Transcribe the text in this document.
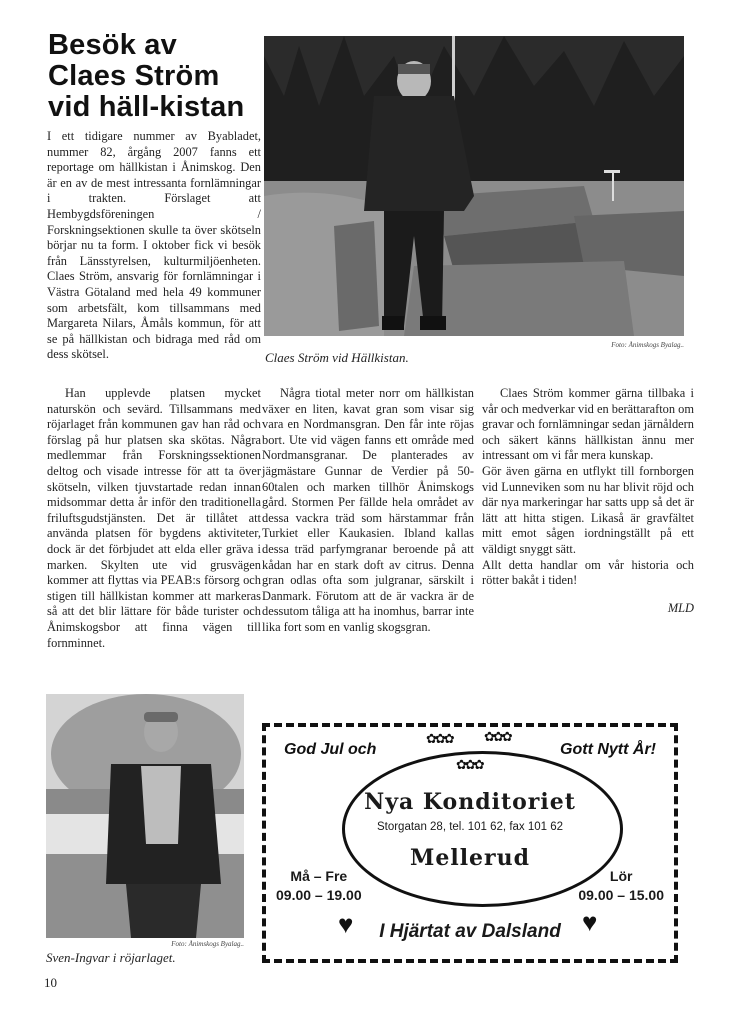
Besök av Claes Ström vid häll-kistan

I ett tidigare nummer av Byabladet, nummer 82, årgång 2007 fanns ett reportage om hällkistan i Ånimskog. Den är en av de mest intressanta fornlämningar i trakten. Förslaget att Hembygdsföreningen / Forskningsektionen skulle ta över skötseln börjar nu ta form. I oktober fick vi besök från Länsstyrelsen, kulturmiljöenheten. Claes Ström, ansvarig för fornlämningar i Västra Götaland med hela 49 kommuner som arbetsfält, kom tillsammans med Margareta Nilars, Åmåls kommun, för att se på hällkistan och bidraga med råd om dess skötsel.

Foto: Ånimskogs Byalag..
Claes Ström vid Hällkistan.

Han upplevde platsen mycket naturskön och sevärd. Tillsammans med röjarlaget från kommunen gav han råd och förslag på hur platsen ska skötas. Några medlemmar från Forskningssektionen deltog och visade intresse för att ta över skötseln, vilken tjuvstartade redan innan midsommar detta år inför den traditionella friluftsgudstjänsten. Det är tillåtet att använda platsen för bygdens aktiviteter, dock är det förbjudet att elda eller gräva i marken. Skylten ute vid grusvägen kommer att flyttas via PEAB:s försorg och stigen till hällkistan kommer att markeras så att det blir lättare för både turister och Ånimskogsbor att finna vägen till fornminnet.

Några tiotal meter norr om hällkistan växer en liten, kavat gran som visar sig vara en Nordmansgran. Den får inte röjas bort. Ute vid vägen fanns ett område med Nordmansgranar. De planterades av jägmästare Gunnar de Verdier på 50- 60talen och marken tillhör Ånimskogs gård. Stormen Per fällde hela området av dessa vackra träd som härstammar från Turkiet eller Kaukasien. Ibland kallas dessa träd parfymgranar beroende på att kådan har en stark doft av citrus. Denna gran odlas ofta som julgranar, särskilt i Danmark. Förutom att de är vackra är de dessutom tåliga att ha inomhus, barrar inte lika fort som en vanlig skogsgran.

Claes Ström kommer gärna tillbaka i vår och medverkar vid en berättarafton om gravar och fornlämningar sedan järnåldern och säkert känns hällkistan ännu mer intressant om vi får mera kunskap.

Gör även gärna en utflykt till fornborgen vid Lunneviken som nu har blivit röjd och där nya markeringar har satts upp så det är lätt att hitta stigen. Likaså är gravfältet mitt emot sågen iordningställt på ett väldigt snyggt sätt.

Allt detta handlar om vår historia och rötter bakåt i tiden!

MLD

Foto: Ånimskogs Byalag..
Sven-Ingvar i röjarlaget.
God Jul och	Gott Nytt År!
✿✿✿ ✿✿✿
✿✿✿
Nya Konditoriet
Storgatan 28, tel. 101 62, fax 101 62
Mellerud
Må – Fre
09.00 – 19.00
Lör
09.00 – 15.00
♥	I Hjärtat av Dalsland ♥
10
